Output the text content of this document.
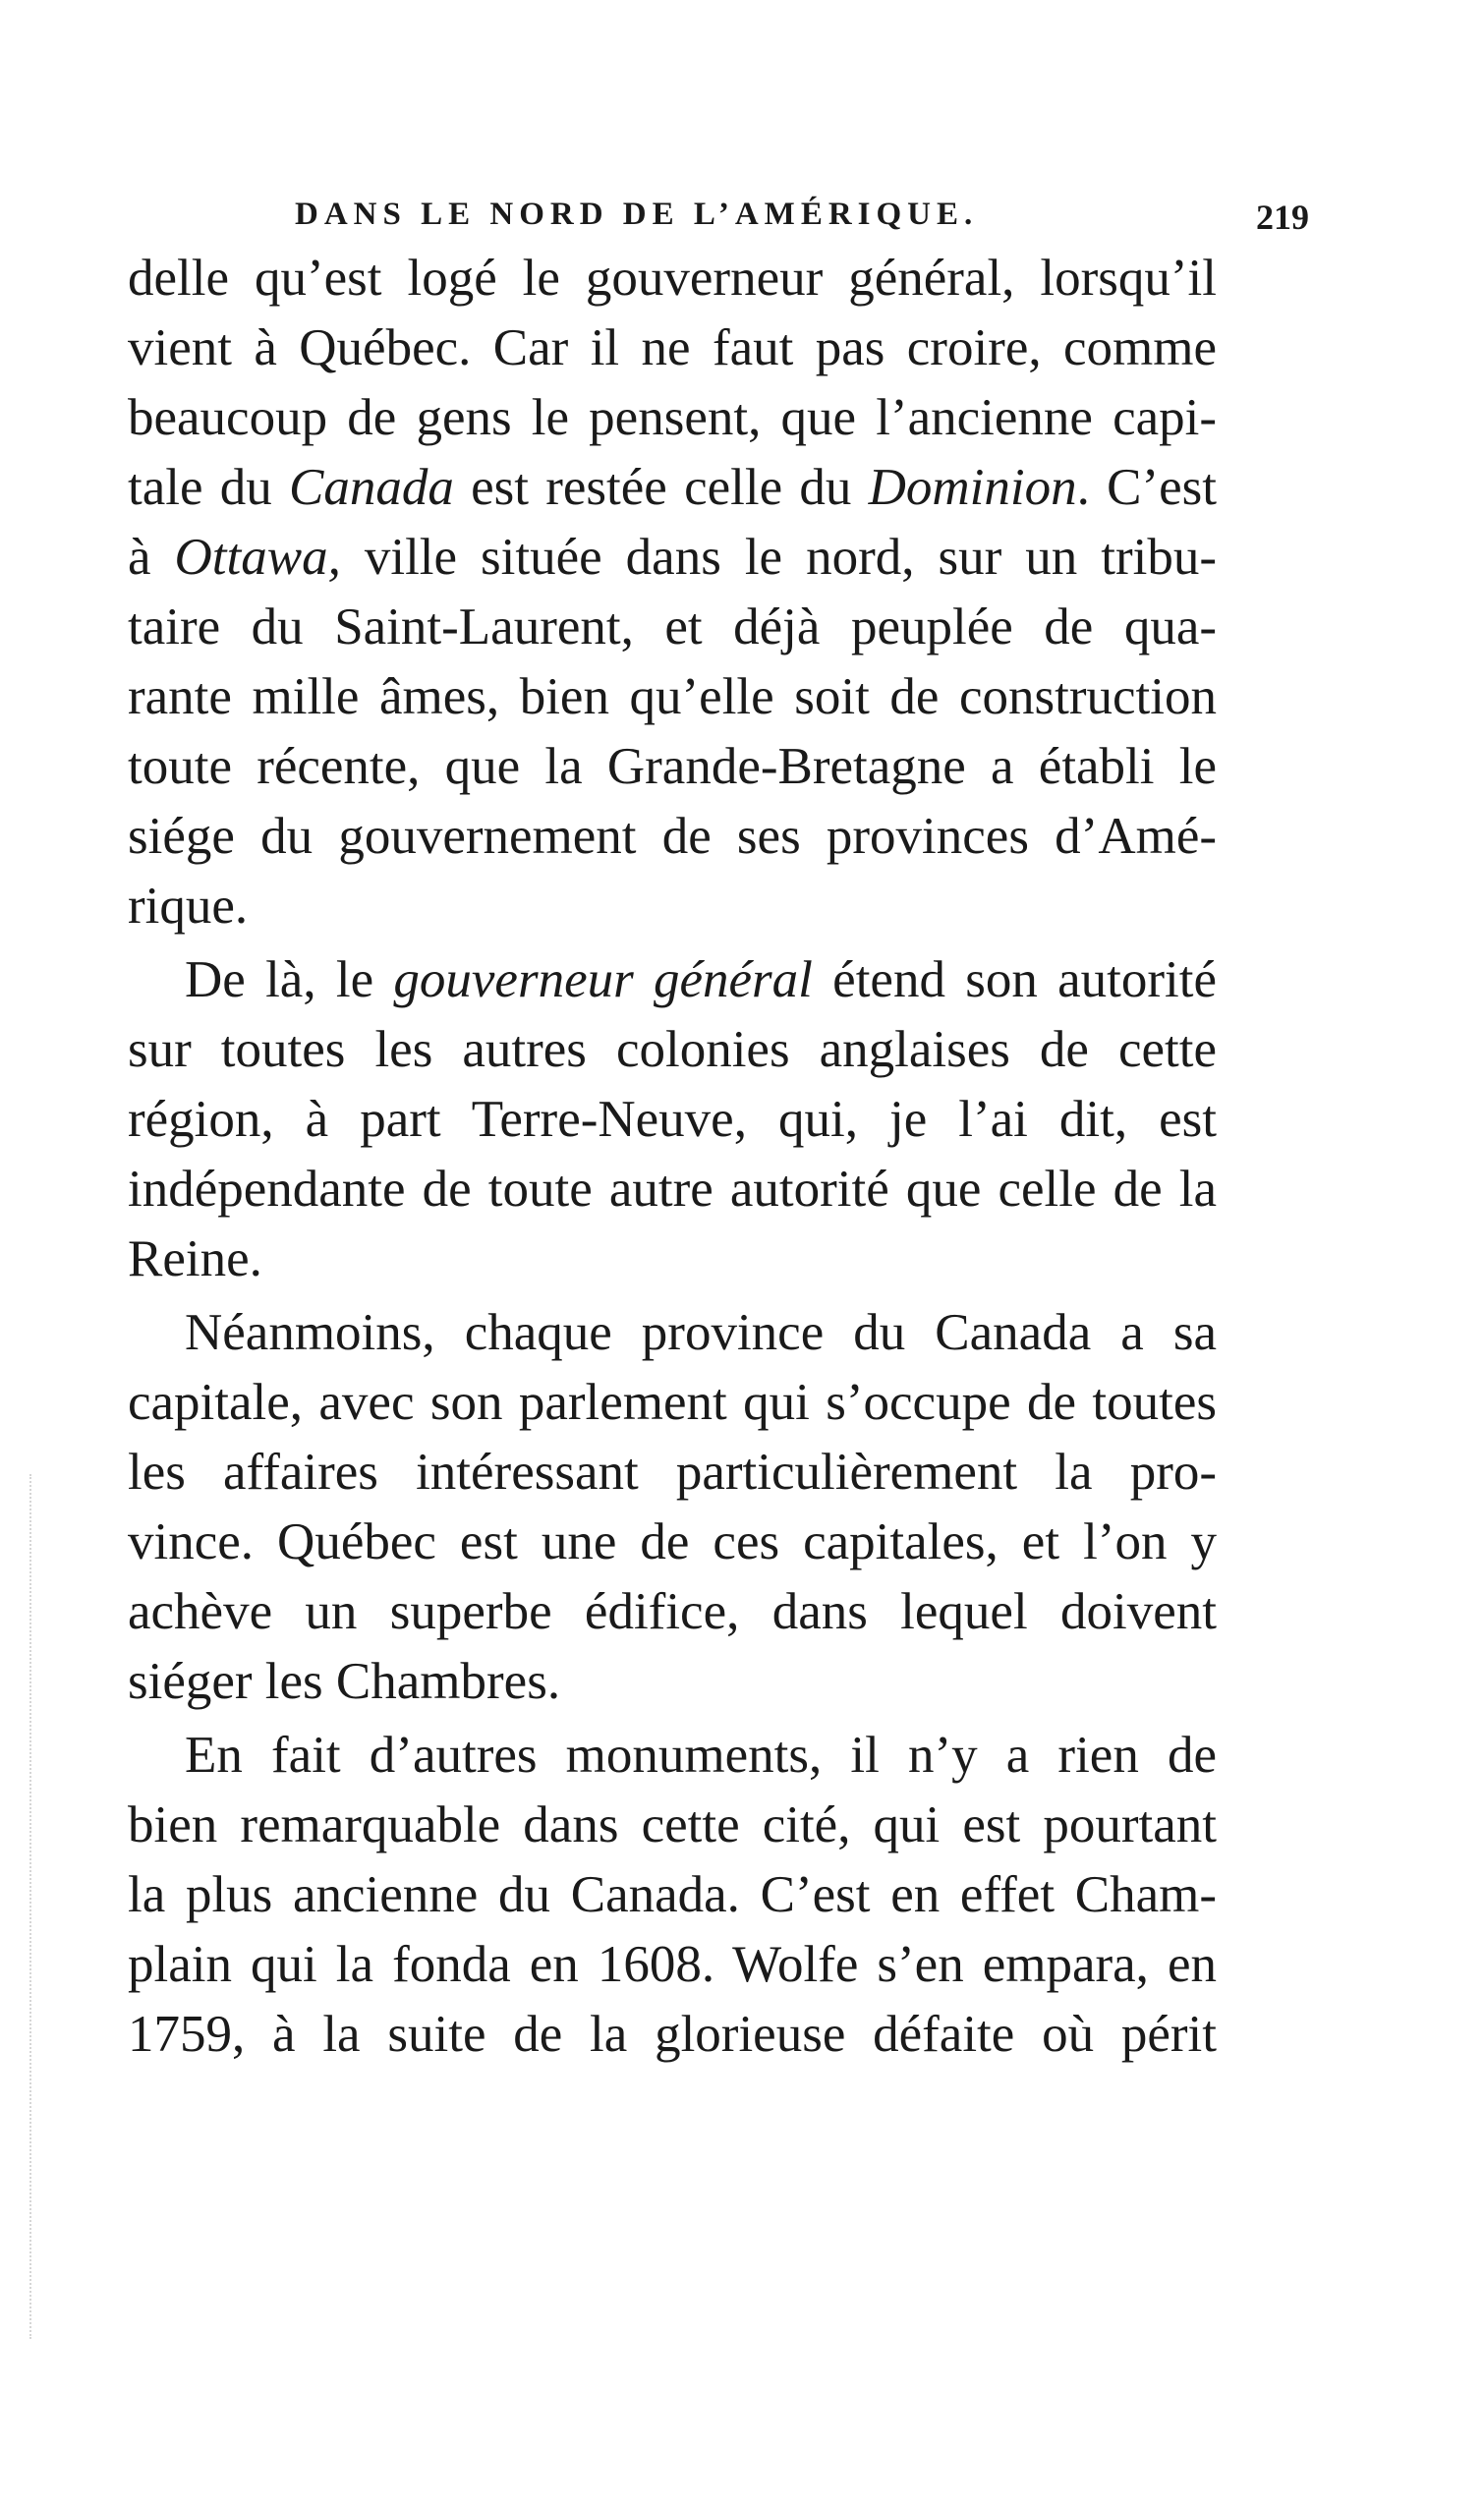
DANS LE NORD DE L’AMÉRIQUE.	219
delle qu’est logé le gouverneur général, lorsqu’il
vient à Québec. Car il ne faut pas croire, comme
beaucoup de gens le pensent, que l’ancienne capi-
tale du Canada est restée celle du Dominion. C’est
à Ottawa, ville située dans le nord, sur un tribu-
taire du Saint-Laurent, et déjà peuplée de qua-
rante mille âmes, bien qu’elle soit de construction
toute récente, que la Grande-Bretagne a établi le
siége du gouvernement de ses provinces d’Amé-
rique.
De là, le gouverneur général étend son autorité
sur toutes les autres colonies anglaises de cette
région, à part Terre-Neuve, qui, je l’ai dit, est
indépendante de toute autre autorité que celle de la
Reine.
Néanmoins, chaque province du Canada a sa
capitale, avec son parlement qui s’occupe de toutes
les affaires intéressant particulièrement la pro-
vince. Québec est une de ces capitales, et l’on y
achève un superbe édifice, dans lequel doivent
siéger les Chambres.
En fait d’autres monuments, il n’y a rien de
bien remarquable dans cette cité, qui est pourtant
la plus ancienne du Canada. C’est en effet Cham-
plain qui la fonda en 1608. Wolfe s’en empara, en
1759, à la suite de la glorieuse défaite où périt
